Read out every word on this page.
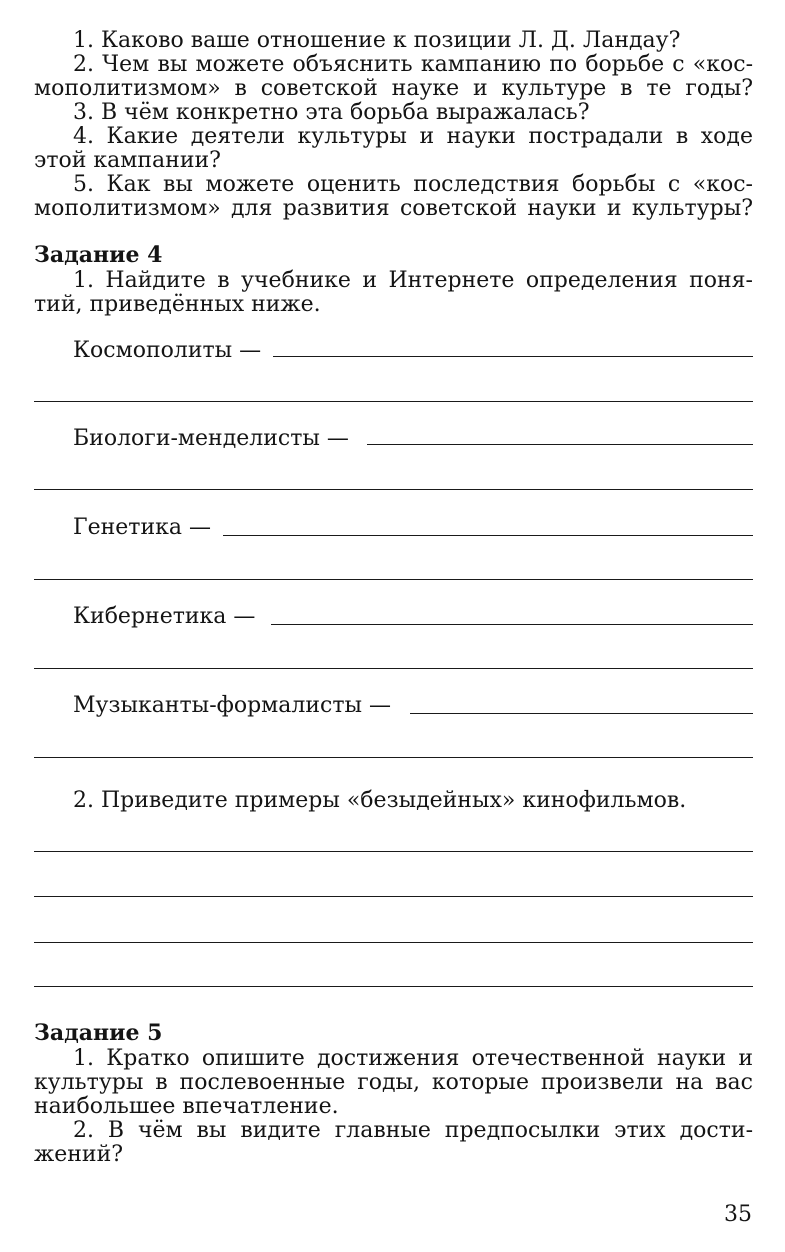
1. Каково ваше отношение к позиции Л. Д. Ландау?
2. Чем вы можете объяснить кампанию по борьбе с «кос-
мополитизмом» в советской науке и культуре в те годы?
3. В чём конкретно эта борьба выражалась?
4. Какие деятели культуры и науки пострадали в ходе
этой кампании?
5. Как вы можете оценить последствия борьбы с «кос-
мополитизмом» для развития советской науки и культуры?
Задание 4
1. Найдите в учебнике и Интернете определения поня-
тий, приведённых ниже.
Космополиты —
Биологи-менделисты —
Генетика —
Кибернетика —
Музыканты-формалисты —
2. Приведите примеры «безыдейных» кинофильмов.
Задание 5
1. Кратко опишите достижения отечественной науки и
культуры в послевоенные годы, которые произвели на вас
наибольшее впечатление.
2. В чём вы видите главные предпосылки этих дости-
жений?
35
